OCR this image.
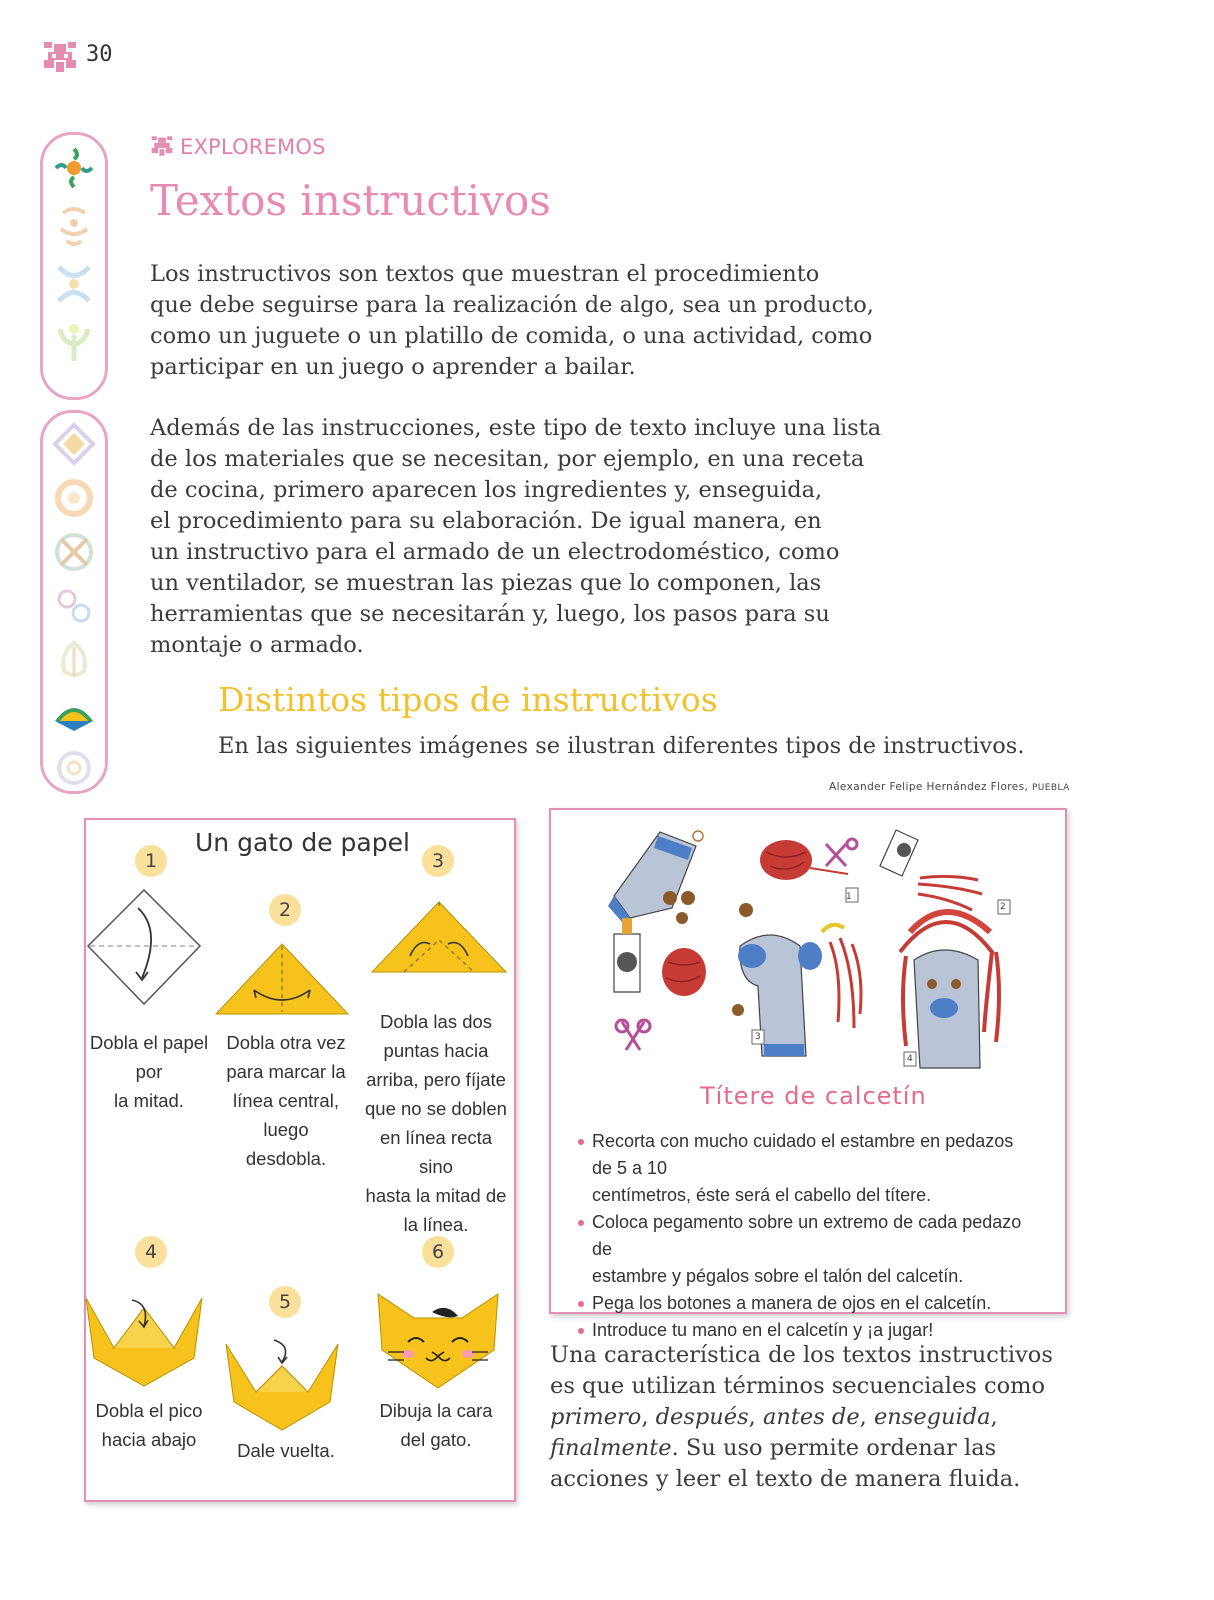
30
EXPLOREMOS
Textos instructivos

Los instructivos son textos que muestran el procedimiento
que debe seguirse para la realización de algo, sea un producto,
como un juguete o un platillo de comida, o una actividad, como
participar en un juego o aprender a bailar.

Además de las instrucciones, este tipo de texto incluye una lista
de los materiales que se necesitan, por ejemplo, en una receta
de cocina, primero aparecen los ingredientes y, enseguida,
el procedimiento para su elaboración. De igual manera, en
un instructivo para el armado de un electrodoméstico, como
un ventilador, se muestran las piezas que lo componen, las
herramientas que se necesitarán y, luego, los pasos para su
montaje o armado.

Distintos tipos de instructivos

En las siguientes imágenes se ilustran diferentes tipos de instructivos.

Alexander Felipe Hernández Flores, PUEBLA
Un gato de papel
1
2
3
4
5
6
Dobla el papel
por
la mitad.
Dobla otra vez
para marcar la
línea central,
luego desdobla.
Dobla las dos
puntas hacia
arriba, pero fíjate
que no se doblen
en línea recta sino
hasta la mitad de
la línea.
Dobla el pico
hacia abajo
Dale vuelta.
Dibuja la cara
del gato.
1
2
3
4
Títere de calcetín
Recorta con mucho cuidado el estambre en pedazos de 5 a 10
centímetros, éste será el cabello del títere.
Coloca pegamento sobre un extremo de cada pedazo de
estambre y pégalos sobre el talón del calcetín.
Pega los botones a manera de ojos en el calcetín.
Introduce tu mano en el calcetín y ¡a jugar!

Una característica de los textos instructivos es que utilizan términos secuenciales como primero, después, antes de, enseguida, finalmente. Su uso permite ordenar las acciones y leer el texto de manera fluida.
